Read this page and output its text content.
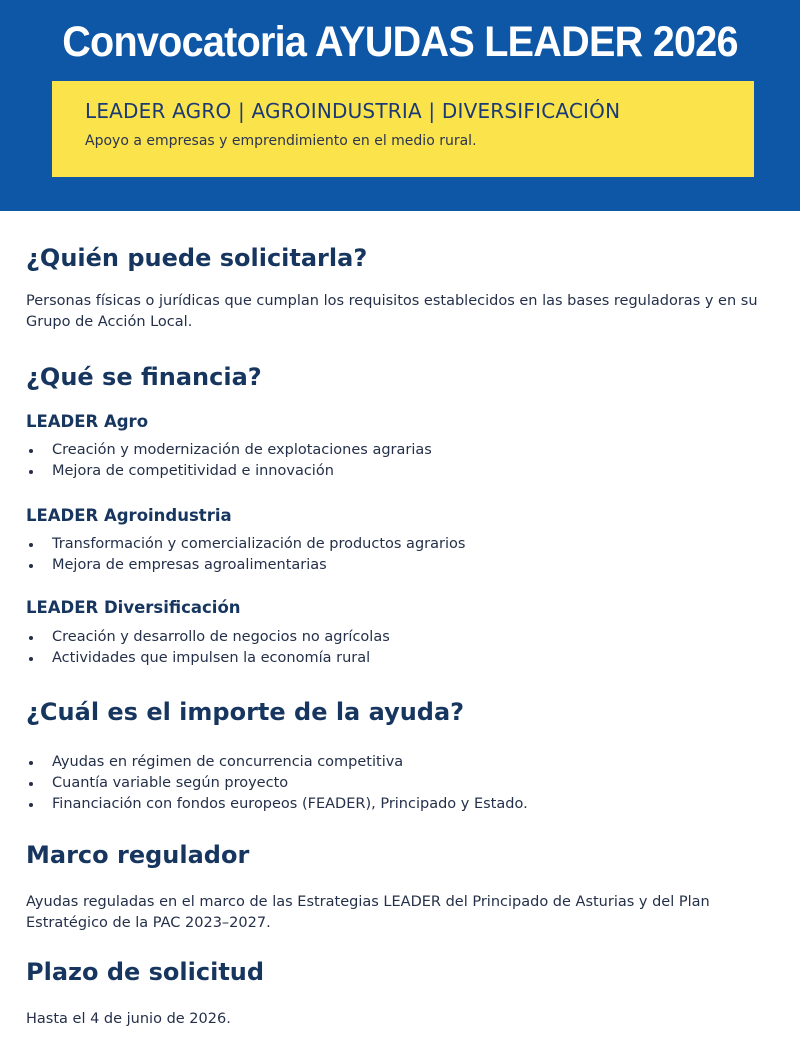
Convocatoria AYUDAS LEADER 2026
LEADER AGRO | AGROINDUSTRIA | DIVERSIFICACIÓN
Apoyo a empresas y emprendimiento en el medio rural.
¿Quién puede solicitarla?
Personas físicas o jurídicas que cumplan los requisitos establecidos en las bases reguladoras y en su Grupo de Acción Local.
¿Qué se financia?
LEADER Agro
Creación y modernización de explotaciones agrarias
Mejora de competitividad e innovación
LEADER Agroindustria
Transformación y comercialización de productos agrarios
Mejora de empresas agroalimentarias
LEADER Diversificación
Creación y desarrollo de negocios no agrícolas
Actividades que impulsen la economía rural
¿Cuál es el importe de la ayuda?
Ayudas en régimen de concurrencia competitiva
Cuantía variable según proyecto
Financiación con fondos europeos (FEADER), Principado y Estado.
Marco regulador
Ayudas reguladas en el marco de las Estrategias LEADER del Principado de Asturias y del Plan Estratégico de la PAC 2023–2027.
Plazo de solicitud
Hasta el 4 de junio de 2026.
